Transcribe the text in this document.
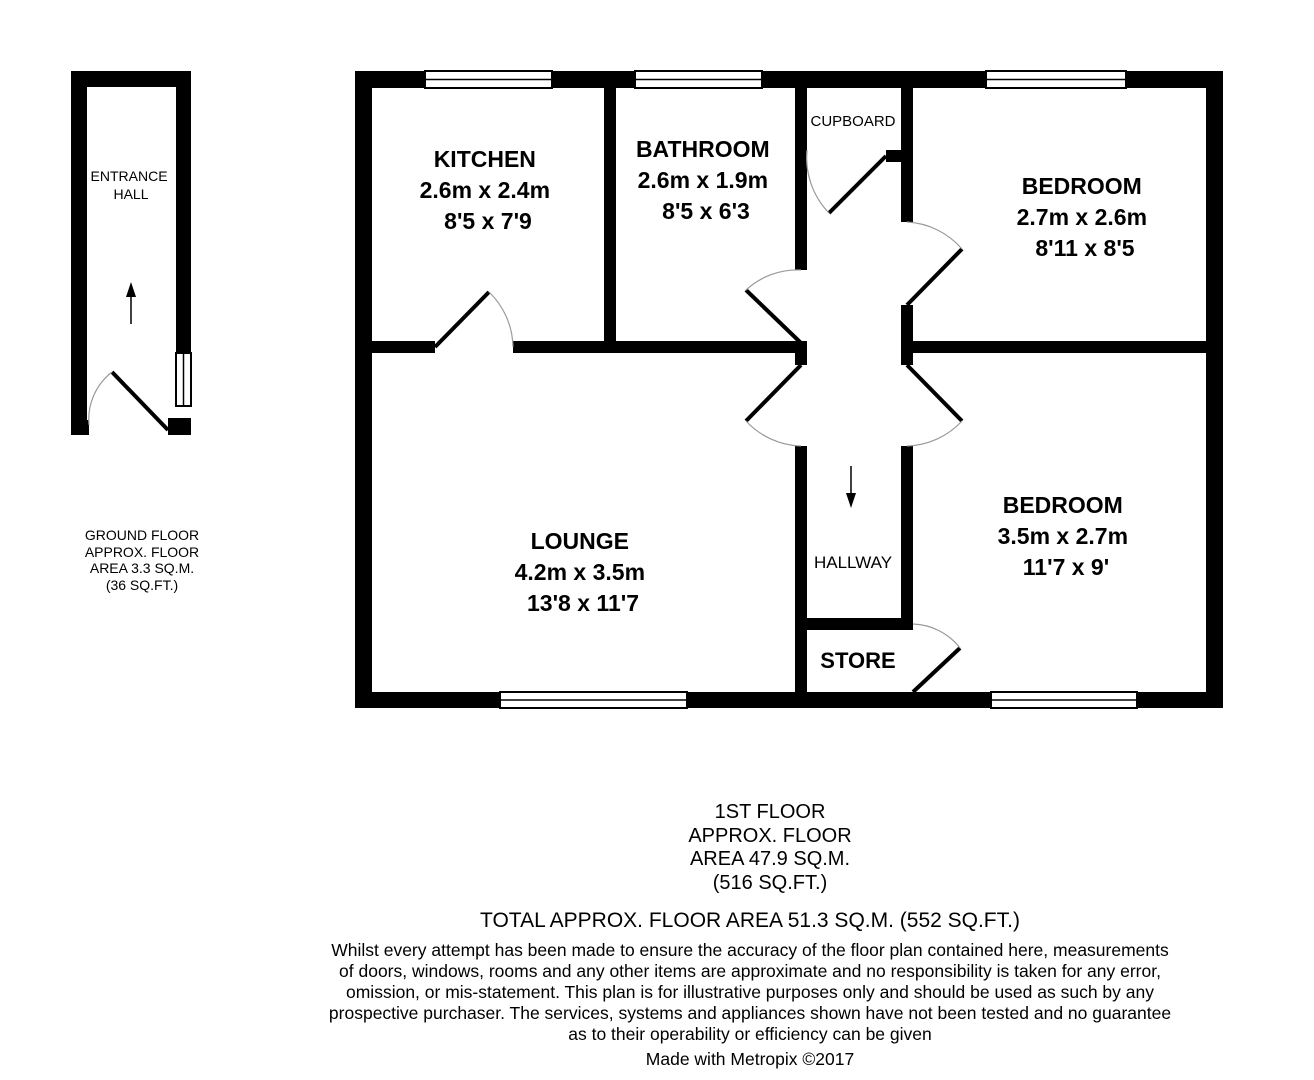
ENTRANCE HALL
KITCHEN 2.6m x 2.4m 8'5 x 7'9
BATHROOM 2.6m x 1.9m 8'5 x 6'3
CUPBOARD
BEDROOM 2.7m x 2.6m 8'11 x 8'5
LOUNGE 4.2m x 3.5m 13'8 x 11'7
HALLWAY
BEDROOM 3.5m x 2.7m 11'7 x 9'
STORE
GROUND FLOOR
APPROX. FLOOR
AREA 3.3 SQ.M.
(36 SQ.FT.)
1ST FLOOR
APPROX. FLOOR
AREA 47.9 SQ.M.
(516 SQ.FT.)
TOTAL APPROX. FLOOR AREA 51.3 SQ.M. (552 SQ.FT.)
Whilst every attempt has been made to ensure the accuracy of the floor plan contained here, measurements
of doors, windows, rooms and any other items are approximate and no responsibility is taken for any error,
omission, or mis-statement. This plan is for illustrative purposes only and should be used as such by any
prospective purchaser. The services, systems and appliances shown have not been tested and no guarantee
as to their operability or efficiency can be given
Made with Metropix ©2017
